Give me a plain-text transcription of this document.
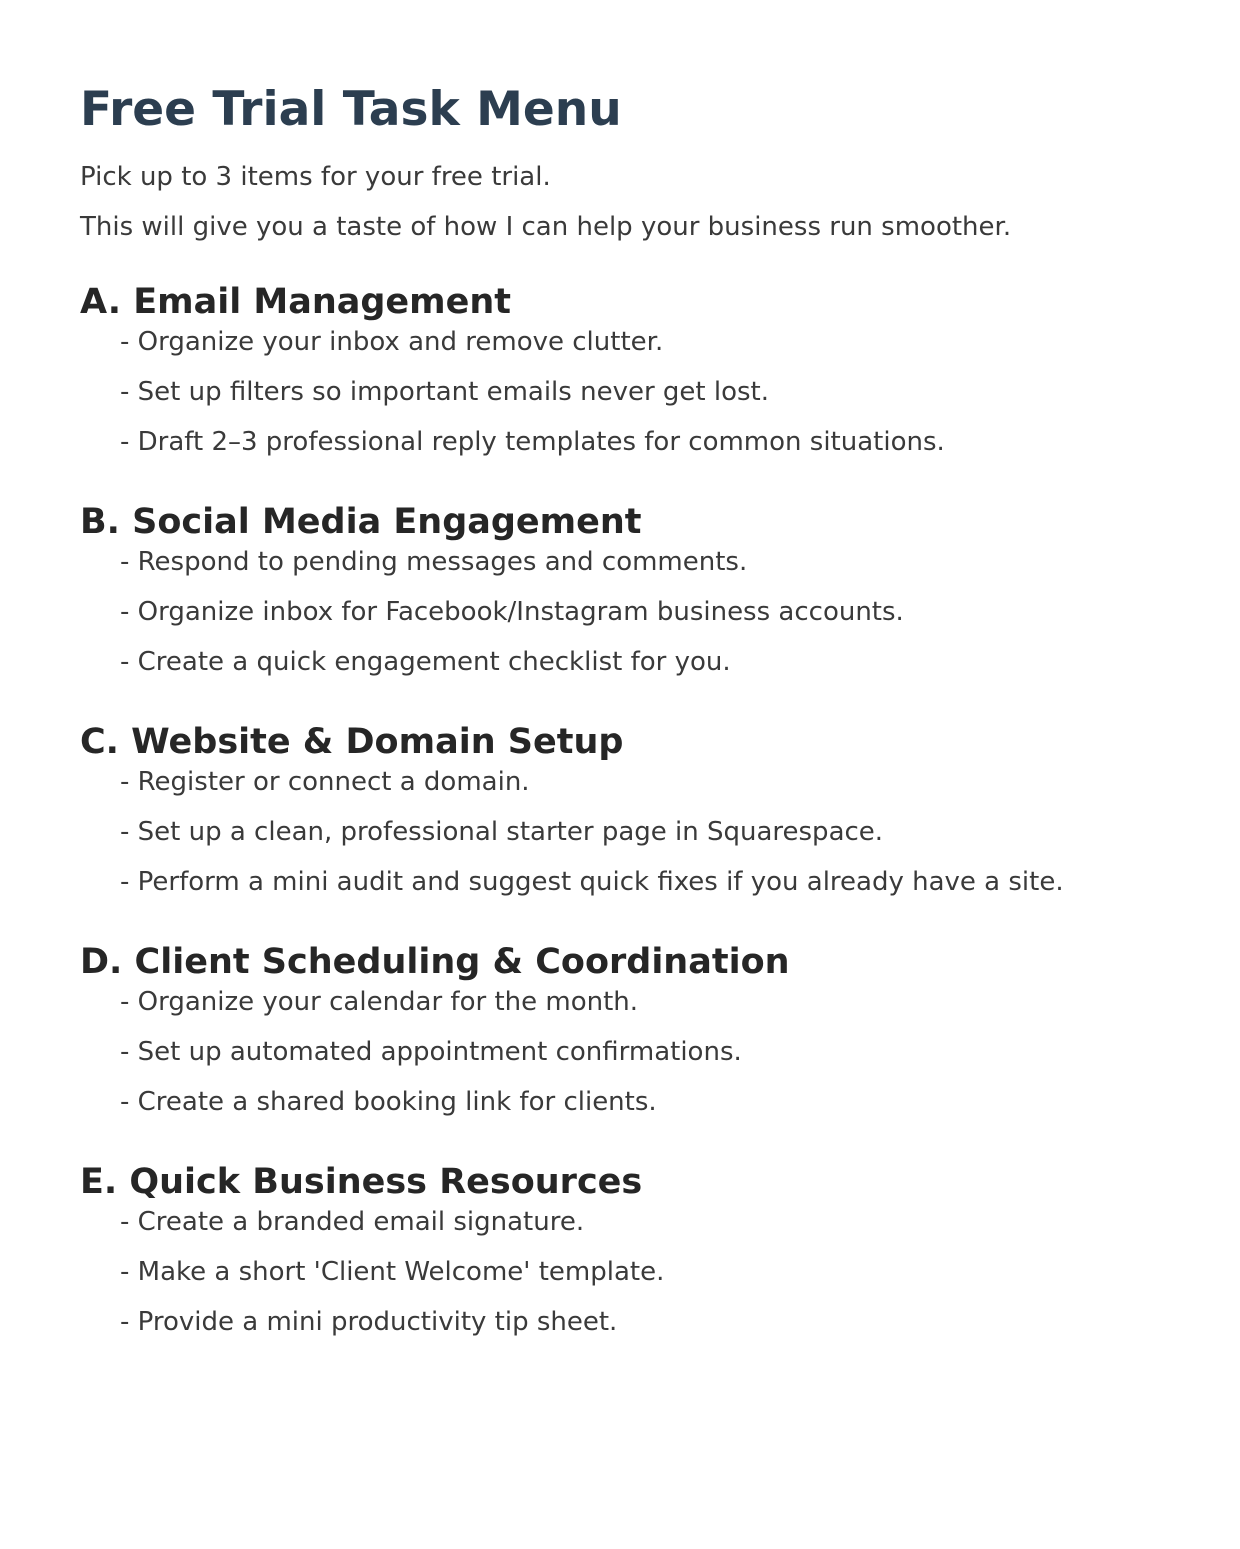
Free Trial Task Menu

Pick up to 3 items for your free trial.

This will give you a taste of how I can help your business run smoother.

A. Email Management

- Organize your inbox and remove clutter.

- Set up filters so important emails never get lost.

- Draft 2–3 professional reply templates for common situations.

B. Social Media Engagement

- Respond to pending messages and comments.

- Organize inbox for Facebook/Instagram business accounts.

- Create a quick engagement checklist for you.

C. Website & Domain Setup

- Register or connect a domain.

- Set up a clean, professional starter page in Squarespace.

- Perform a mini audit and suggest quick fixes if you already have a site.

D. Client Scheduling & Coordination

- Organize your calendar for the month.

- Set up automated appointment confirmations.

- Create a shared booking link for clients.

E. Quick Business Resources

- Create a branded email signature.

- Make a short 'Client Welcome' template.

- Provide a mini productivity tip sheet.
